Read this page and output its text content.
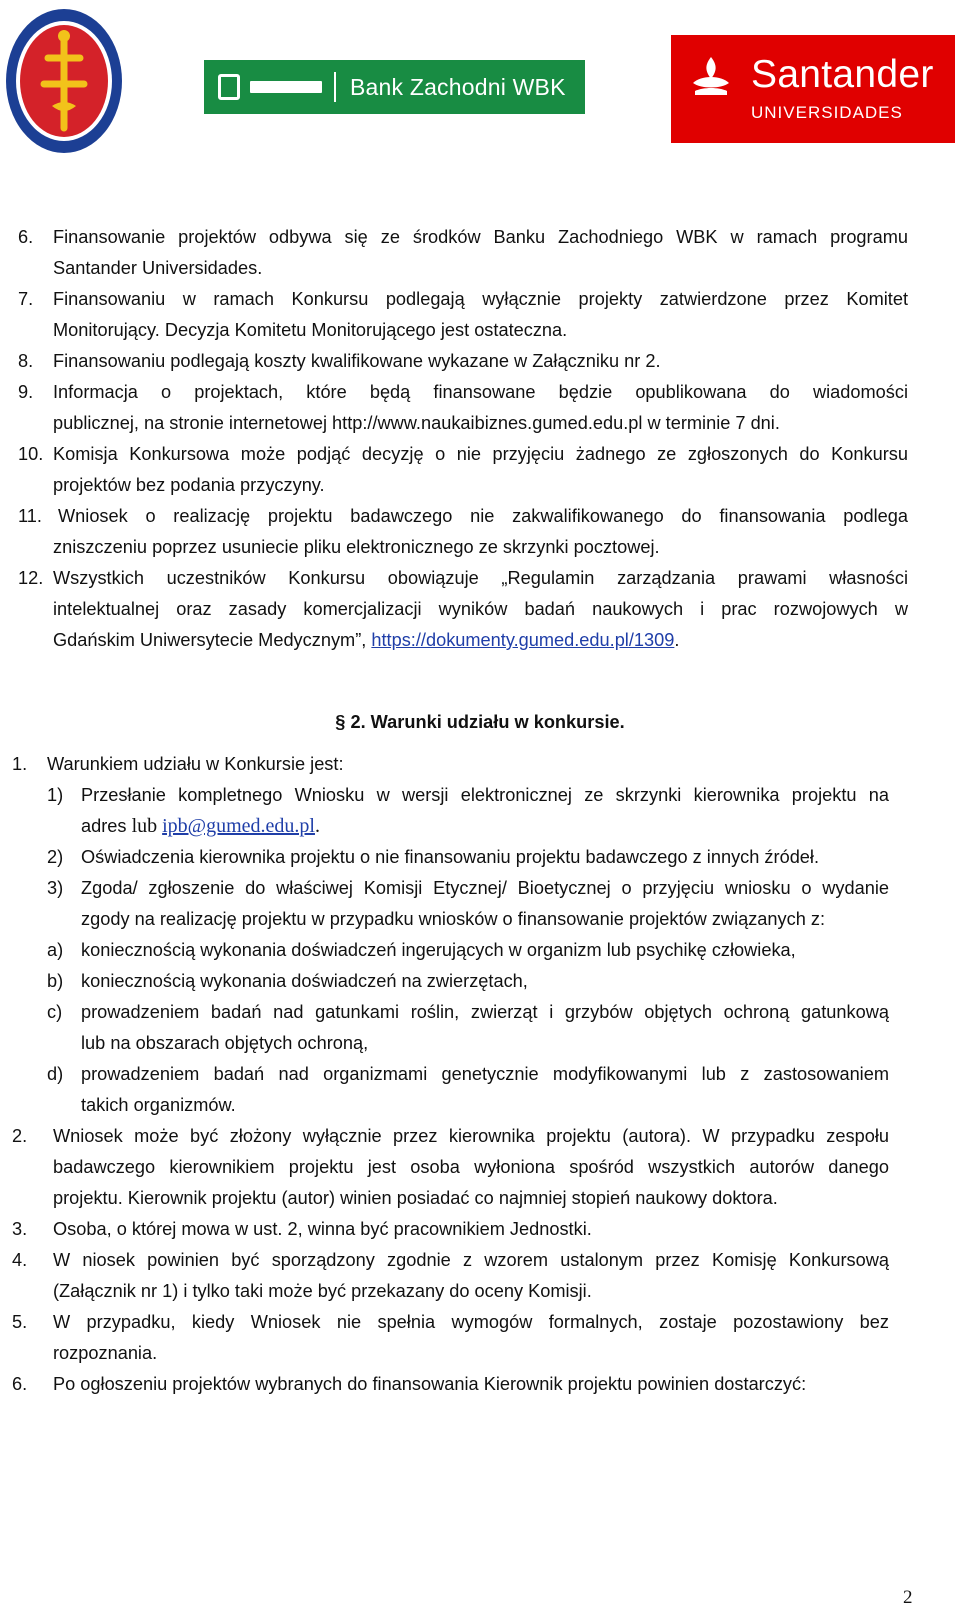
Bank Zachodni WBK	Santander
UNIVERSIDADES
6. Finansowanie projektów odbywa się ze środków Banku Zachodniego WBK w ramach programu
Santander Universidades.
7. Finansowaniu w ramach Konkursu podlegają wyłącznie projekty zatwierdzone przez Komitet
Monitorujący. Decyzja Komitetu Monitorującego jest ostateczna.
8. Finansowaniu podlegają koszty kwalifikowane wykazane w Załączniku nr 2.
9. Informacja o projektach, które będą finansowane będzie opublikowana do wiadomości
publicznej, na stronie internetowej http://www.naukaibiznes.gumed.edu.pl w terminie 7 dni.
10. Komisja Konkursowa może podjąć decyzję o nie przyjęciu żadnego ze zgłoszonych do Konkursu
projektów bez podania przyczyny.
11. Wniosek o realizację projektu badawczego nie zakwalifikowanego do finansowania podlega
zniszczeniu poprzez usuniecie pliku elektronicznego ze skrzynki pocztowej.
12. Wszystkich uczestników Konkursu obowiązuje „Regulamin zarządzania prawami własności
intelektualnej oraz zasady komercjalizacji wyników badań naukowych i prac rozwojowych w
Gdańskim Uniwersytecie Medycznym”, https://dokumenty.gumed.edu.pl/1309.
§ 2. Warunki udziału w konkursie.
1. Warunkiem udziału w Konkursie jest:
1) Przesłanie kompletnego Wniosku w wersji elektronicznej ze skrzynki kierownika projektu na
adres lub ipb@gumed.edu.pl.
2) Oświadczenia kierownika projektu o nie finansowaniu projektu badawczego z innych źródeł.
3) Zgoda/ zgłoszenie do właściwej Komisji Etycznej/ Bioetycznej o przyjęciu wniosku o wydanie
zgody na realizację projektu w przypadku wniosków o finansowanie projektów związanych z:
a) koniecznością wykonania doświadczeń ingerujących w organizm lub psychikę człowieka,
b) koniecznością wykonania doświadczeń na zwierzętach,
c) prowadzeniem badań nad gatunkami roślin, zwierząt i grzybów objętych ochroną gatunkową
lub na obszarach objętych ochroną,
d) prowadzeniem badań nad organizmami genetycznie modyfikowanymi lub z zastosowaniem
takich organizmów.
2. Wniosek może być złożony wyłącznie przez kierownika projektu (autora). W przypadku zespołu
badawczego kierownikiem projektu jest osoba wyłoniona spośród wszystkich autorów danego
projektu. Kierownik projektu (autor) winien posiadać co najmniej stopień naukowy doktora.
3. Osoba, o której mowa w ust. 2, winna być pracownikiem Jednostki.
4. W niosek powinien być sporządzony zgodnie z wzorem ustalonym przez Komisję Konkursową
(Załącznik nr 1) i tylko taki może być przekazany do oceny Komisji.
5. W przypadku, kiedy Wniosek nie spełnia wymogów formalnych, zostaje pozostawiony bez
rozpoznania.
6. Po ogłoszeniu projektów wybranych do finansowania Kierownik projektu powinien dostarczyć:
2
